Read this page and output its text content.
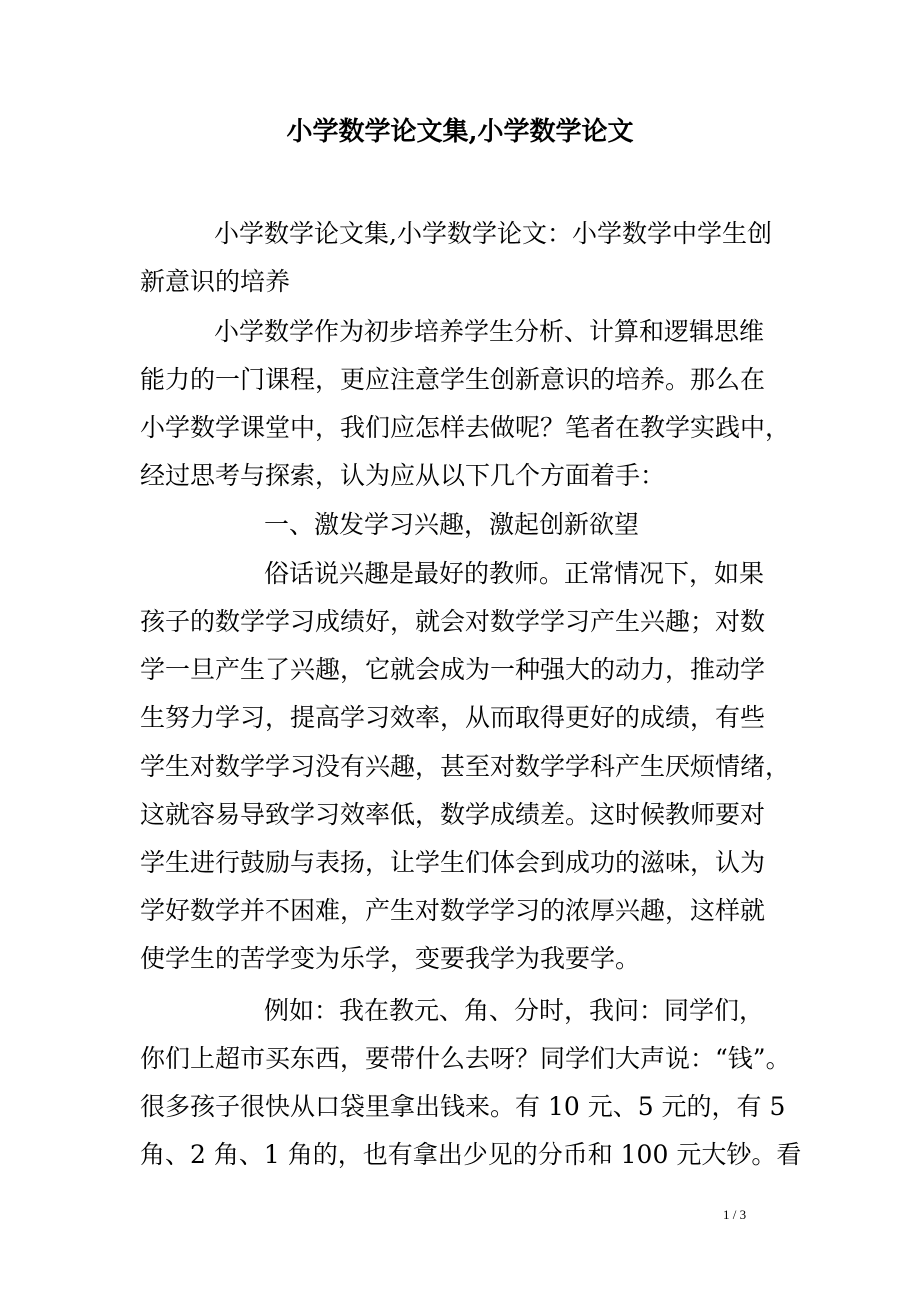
小学数学论文集,小学数学论文

小学数学论文集,小学数学论文：小学数学中学生创

新意识的培养

小学数学作为初步培养学生分析、计算和逻辑思维

能力的一门课程，更应注意学生创新意识的培养。那么在

小学数学课堂中，我们应怎样去做呢？笔者在教学实践中，

经过思考与探索，认为应从以下几个方面着手：

一、激发学习兴趣，激起创新欲望

俗话说兴趣是最好的教师。正常情况下，如果

孩子的数学学习成绩好，就会对数学学习产生兴趣；对数

学一旦产生了兴趣，它就会成为一种强大的动力，推动学

生努力学习，提高学习效率，从而取得更好的成绩，有些

学生对数学学习没有兴趣，甚至对数学学科产生厌烦情绪，

这就容易导致学习效率低，数学成绩差。这时候教师要对

学生进行鼓励与表扬，让学生们体会到成功的滋味，认为

学好数学并不困难，产生对数学学习的浓厚兴趣，这样就

使学生的苦学变为乐学，变要我学为我要学。

例如：我在教元、角、分时，我问：同学们，

你们上超市买东西，要带什么去呀？同学们大声说：“钱”。

很多孩子很快从口袋里拿出钱来。有 10 元、5 元的，有 5

角、2 角、1 角的，也有拿出少见的分币和 100 元大钞。看

1 / 3
